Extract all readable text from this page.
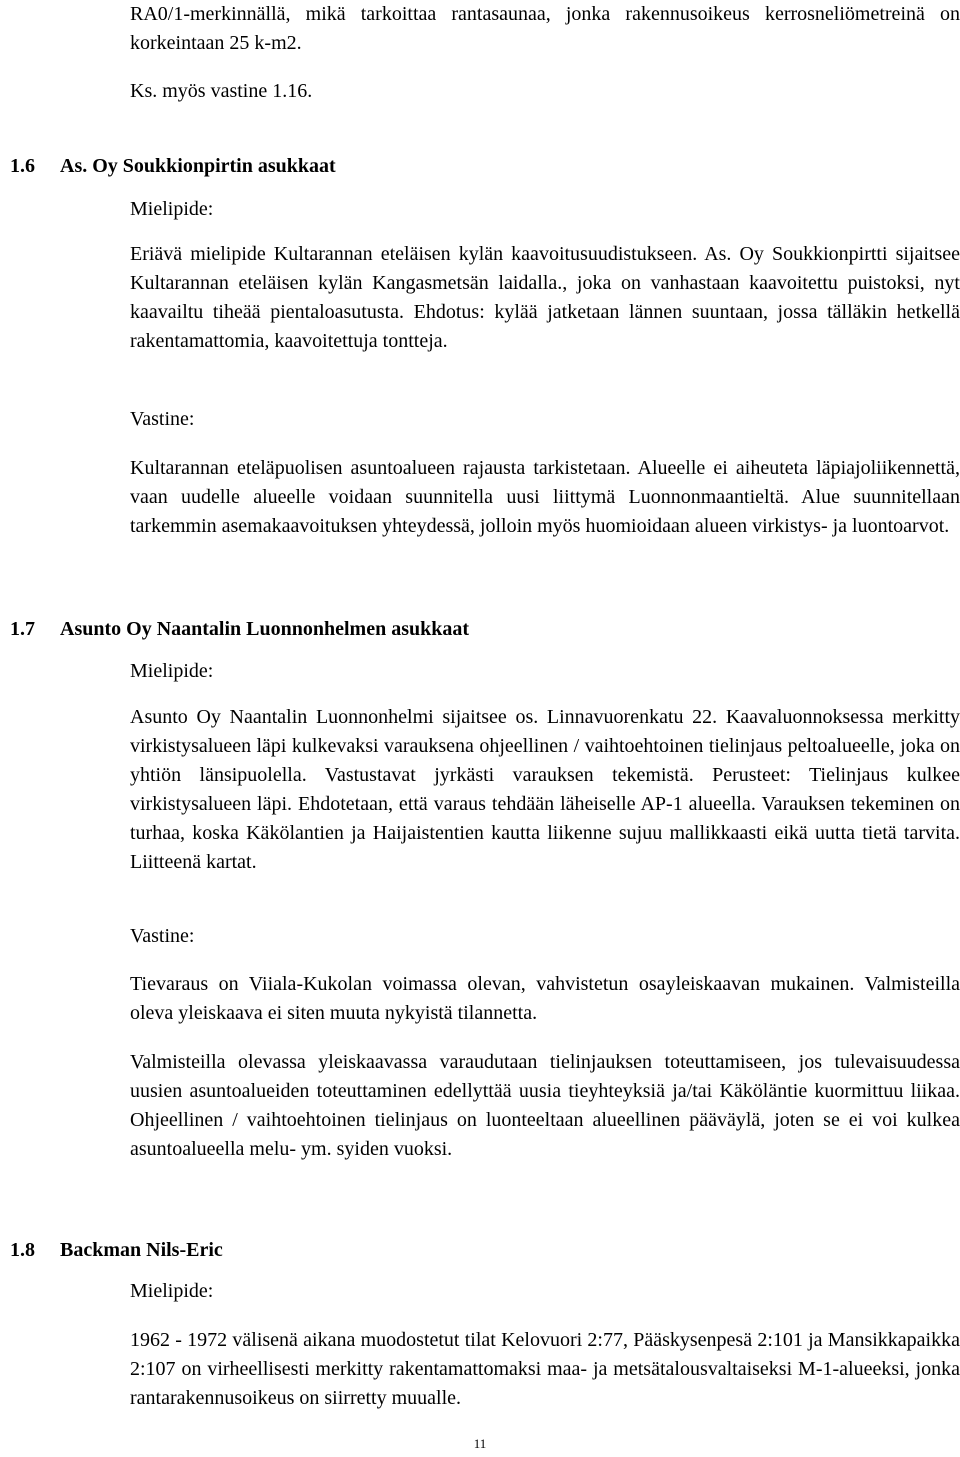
RA0/1-merkinnällä, mikä tarkoittaa rantasaunaa, jonka rakennusoikeus kerrosneliömetreinä on korkeintaan 25 k-m2.

Ks. myös vastine 1.16.

1.6 As. Oy Soukkionpirtin asukkaat

Mielipide:

Eriävä mielipide Kultarannan eteläisen kylän kaavoitusuudistukseen. As. Oy Soukkionpirtti sijaitsee Kultarannan eteläisen kylän Kangasmetsän laidalla., joka on vanhastaan kaavoitettu puistoksi, nyt kaavailtu tiheää pientaloasutusta. Ehdotus: kylää jatketaan lännen suuntaan, jossa tälläkin hetkellä rakentamattomia, kaavoitettuja tontteja.

Vastine:

Kultarannan eteläpuolisen asuntoalueen rajausta tarkistetaan. Alueelle ei aiheuteta läpiajoliikennettä, vaan uudelle alueelle voidaan suunnitella uusi liittymä Luonnonmaantieltä. Alue suunnitellaan tarkemmin asemakaavoituksen yhteydessä, jolloin myös huomioidaan alueen virkistys- ja luontoarvot.

1.7 Asunto Oy Naantalin Luonnonhelmen asukkaat

Mielipide:

Asunto Oy Naantalin Luonnonhelmi sijaitsee os. Linnavuorenkatu 22. Kaavaluonnoksessa merkitty virkistysalueen läpi kulkevaksi varauksena ohjeellinen / vaihtoehtoinen tielinjaus peltoalueelle, joka on yhtiön länsipuolella. Vastustavat jyrkästi varauksen tekemistä. Perusteet: Tielinjaus kulkee virkistysalueen läpi. Ehdotetaan, että varaus tehdään läheiselle AP-1 alueella. Varauksen tekeminen on turhaa, koska Käkölantien ja Haijaistentien kautta liikenne sujuu mallikkaasti eikä uutta tietä tarvita. Liitteenä kartat.

Vastine:

Tievaraus on Viiala-Kukolan voimassa olevan, vahvistetun osayleiskaavan mukainen. Valmisteilla oleva yleiskaava ei siten muuta nykyistä tilannetta.

Valmisteilla olevassa yleiskaavassa varaudutaan tielinjauksen toteuttamiseen, jos tulevaisuudessa uusien asuntoalueiden toteuttaminen edellyttää uusia tieyhteyksiä ja/tai Käköläntie kuormittuu liikaa. Ohjeellinen / vaihtoehtoinen tielinjaus on luonteeltaan alueellinen pääväylä, joten se ei voi kulkea asuntoalueella melu- ym. syiden vuoksi.

1.8 Backman Nils-Eric

Mielipide:

1962 - 1972 välisenä aikana muodostetut tilat Kelovuori 2:77, Pääskysenpesä 2:101 ja Mansikkapaikka 2:107 on virheellisesti merkitty rakentamattomaksi maa- ja metsätalousvaltaiseksi M-1-alueeksi, jonka rantarakennusoikeus on siirretty muualle.

11
